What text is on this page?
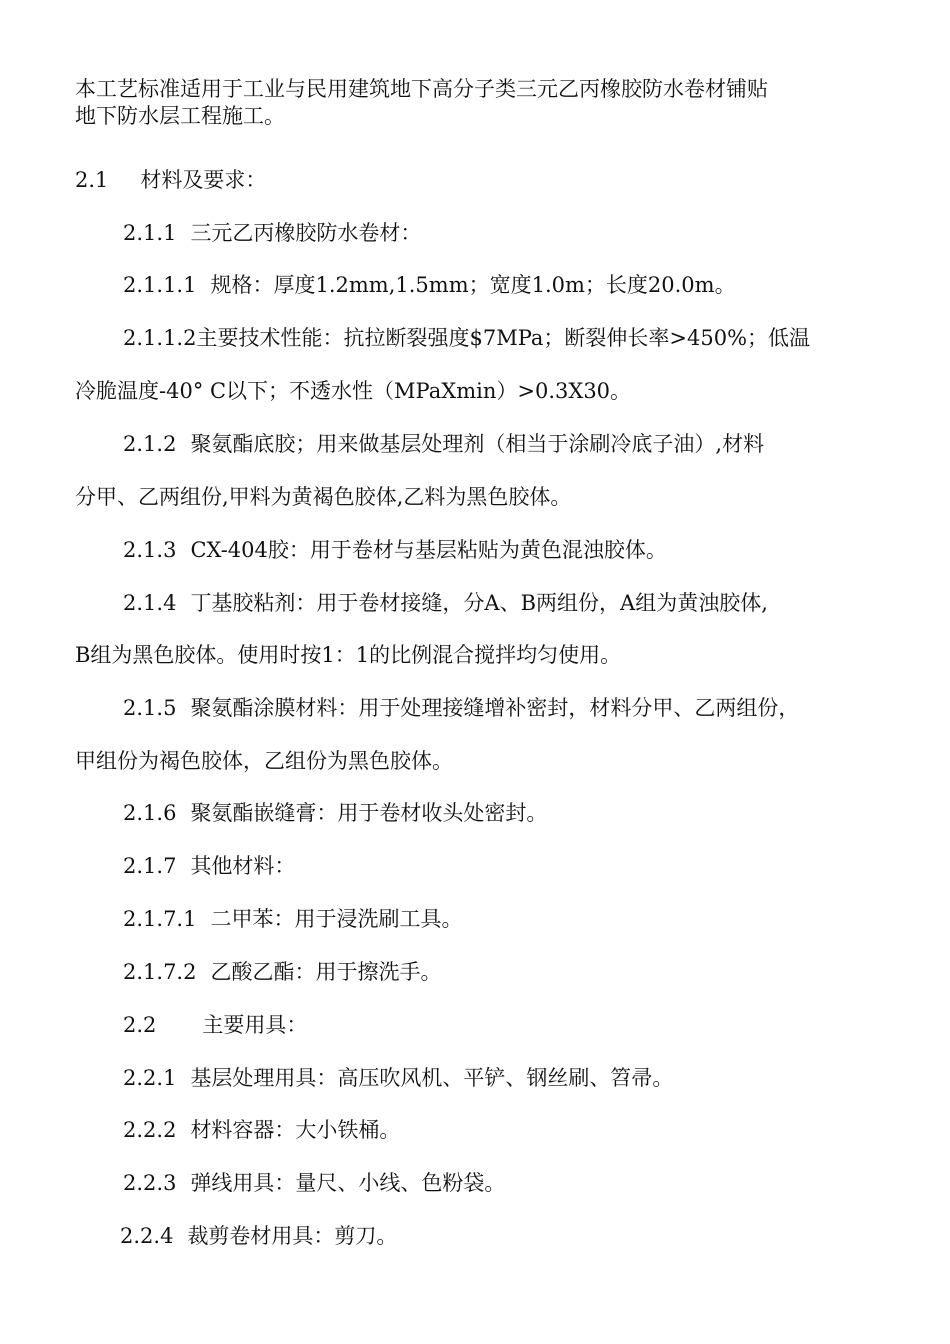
本工艺标准适用于工业与民用建筑地下高分子类三元乙丙橡胶防水卷材铺贴
地下防水层工程施工。

2.1 材料及要求：

2.1.1 三元乙丙橡胶防水卷材：

2.1.1.1 规格：厚度1.2mm,1.5mm；宽度1.0m；长度20.0m。

2.1.1.2主要技术性能：抗拉断裂强度$7MPa；断裂伸长率>450%；低温

冷脆温度-40° C以下；不透水性（MPaXmin）>0.3X30。

2.1.2 聚氨酯底胶；用来做基层处理剂（相当于涂刷冷底子油）,材料

分甲、乙两组份,甲料为黄褐色胶体,乙料为黑色胶体。

2.1.3 CX-404胶：用于卷材与基层粘贴为黄色混浊胶体。

2.1.4 丁基胶粘剂：用于卷材接缝，分A、B两组份，A组为黄浊胶体,

B组为黑色胶体。使用时按1：1的比例混合搅拌均匀使用。

2.1.5 聚氨酯涂膜材料：用于处理接缝增补密封，材料分甲、乙两组份，

甲组份为褐色胶体，乙组份为黑色胶体。

2.1.6 聚氨酯嵌缝膏：用于卷材收头处密封。

2.1.7 其他材料：

2.1.7.1 二甲苯：用于浸洗刷工具。

2.1.7.2 乙酸乙酯：用于擦洗手。

2.2 主要用具：

2.2.1 基层处理用具：高压吹风机、平铲、钢丝刷、笤帚。

2.2.2 材料容器：大小铁桶。

2.2.3 弹线用具：量尺、小线、色粉袋。

2.2.4 裁剪卷材用具：剪刀。
